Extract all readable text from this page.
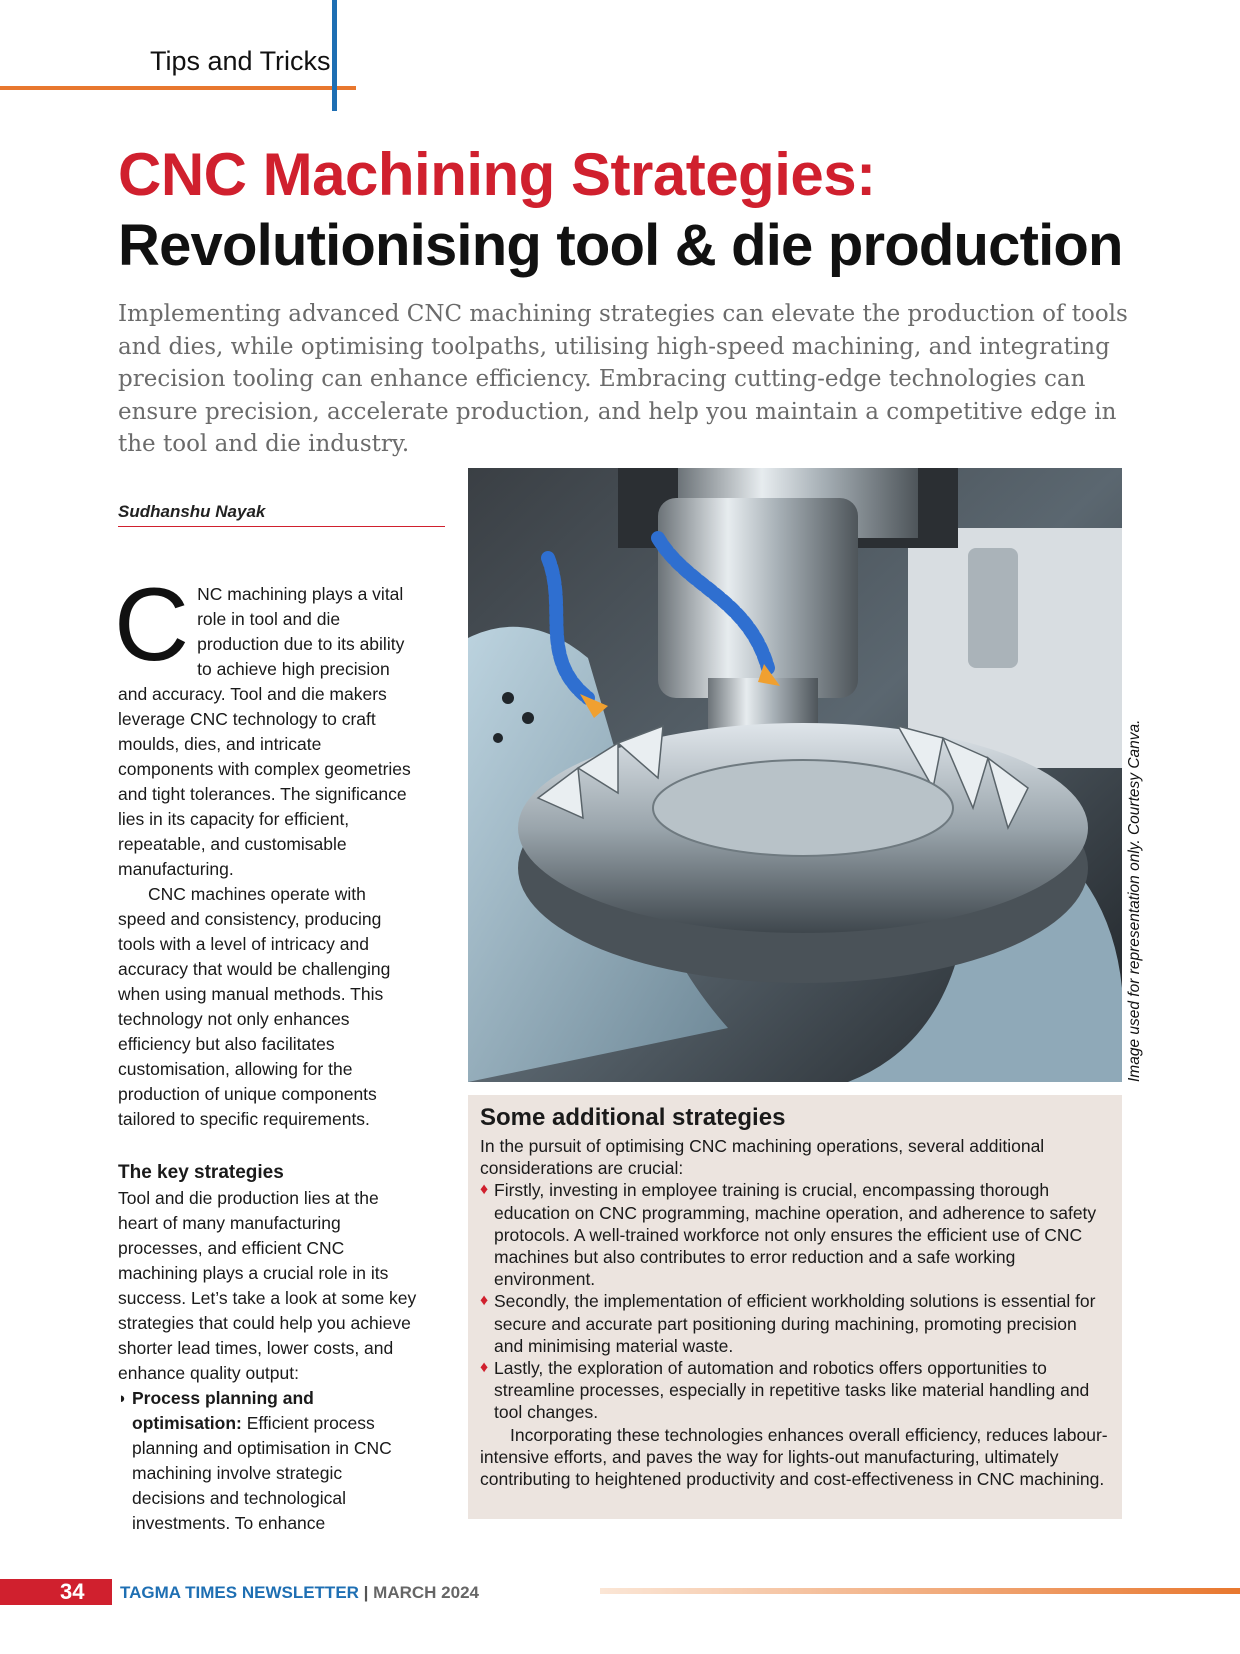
Tips and Tricks
CNC Machining Strategies:
Revolutionising tool & die production

Implementing advanced CNC machining strategies can elevate the production of tools and dies, while optimising toolpaths, utilising high-speed machining, and integrating precision tooling can enhance efficiency. Embracing cutting-edge technologies can ensure precision, accelerate production, and help you maintain a competitive edge in the tool and die industry.

Sudhanshu Nayak

CNC machining plays a vital role in tool and die production due to its ability to achieve high precision and accuracy. Tool and die makers leverage CNC technology to craft moulds, dies, and intricate components with complex geometries and tight tolerances. The significance lies in its capacity for efficient, repeatable, and customisable manufacturing.

CNC machines operate with speed and consistency, producing tools with a level of intricacy and accuracy that would be challenging when using manual methods. This technology not only enhances efficiency but also facilitates customisation, allowing for the production of unique components tailored to specific requirements.

The key strategies

Tool and die production lies at the heart of many manufacturing processes, and efficient CNC machining plays a crucial role in its success. Let’s take a look at some key strategies that could help you achieve shorter lead times, lower costs, and enhance quality output:

◗ Process planning and optimisation: Efficient process planning and optimisation in CNC machining involve strategic decisions and technological investments. To enhance

Image used for representation only. Courtesy Canva.
Some additional strategies

In the pursuit of optimising CNC machining operations, several additional considerations are crucial:

♦ Firstly, investing in employee training is crucial, encompassing thorough education on CNC programming, machine operation, and adherence to safety protocols. A well-trained workforce not only ensures the efficient use of CNC machines but also contributes to error reduction and a safe working environment.

♦ Secondly, the implementation of efficient workholding solutions is essential for secure and accurate part positioning during machining, promoting precision and minimising material waste.

♦ Lastly, the exploration of automation and robotics offers opportunities to streamline processes, especially in repetitive tasks like material handling and tool changes.

Incorporating these technologies enhances overall efficiency, reduces labour-intensive efforts, and paves the way for lights-out manufacturing, ultimately contributing to heightened productivity and cost-effectiveness in CNC machining.

34 TAGMA TIMES NEWSLETTER | MARCH 2024
